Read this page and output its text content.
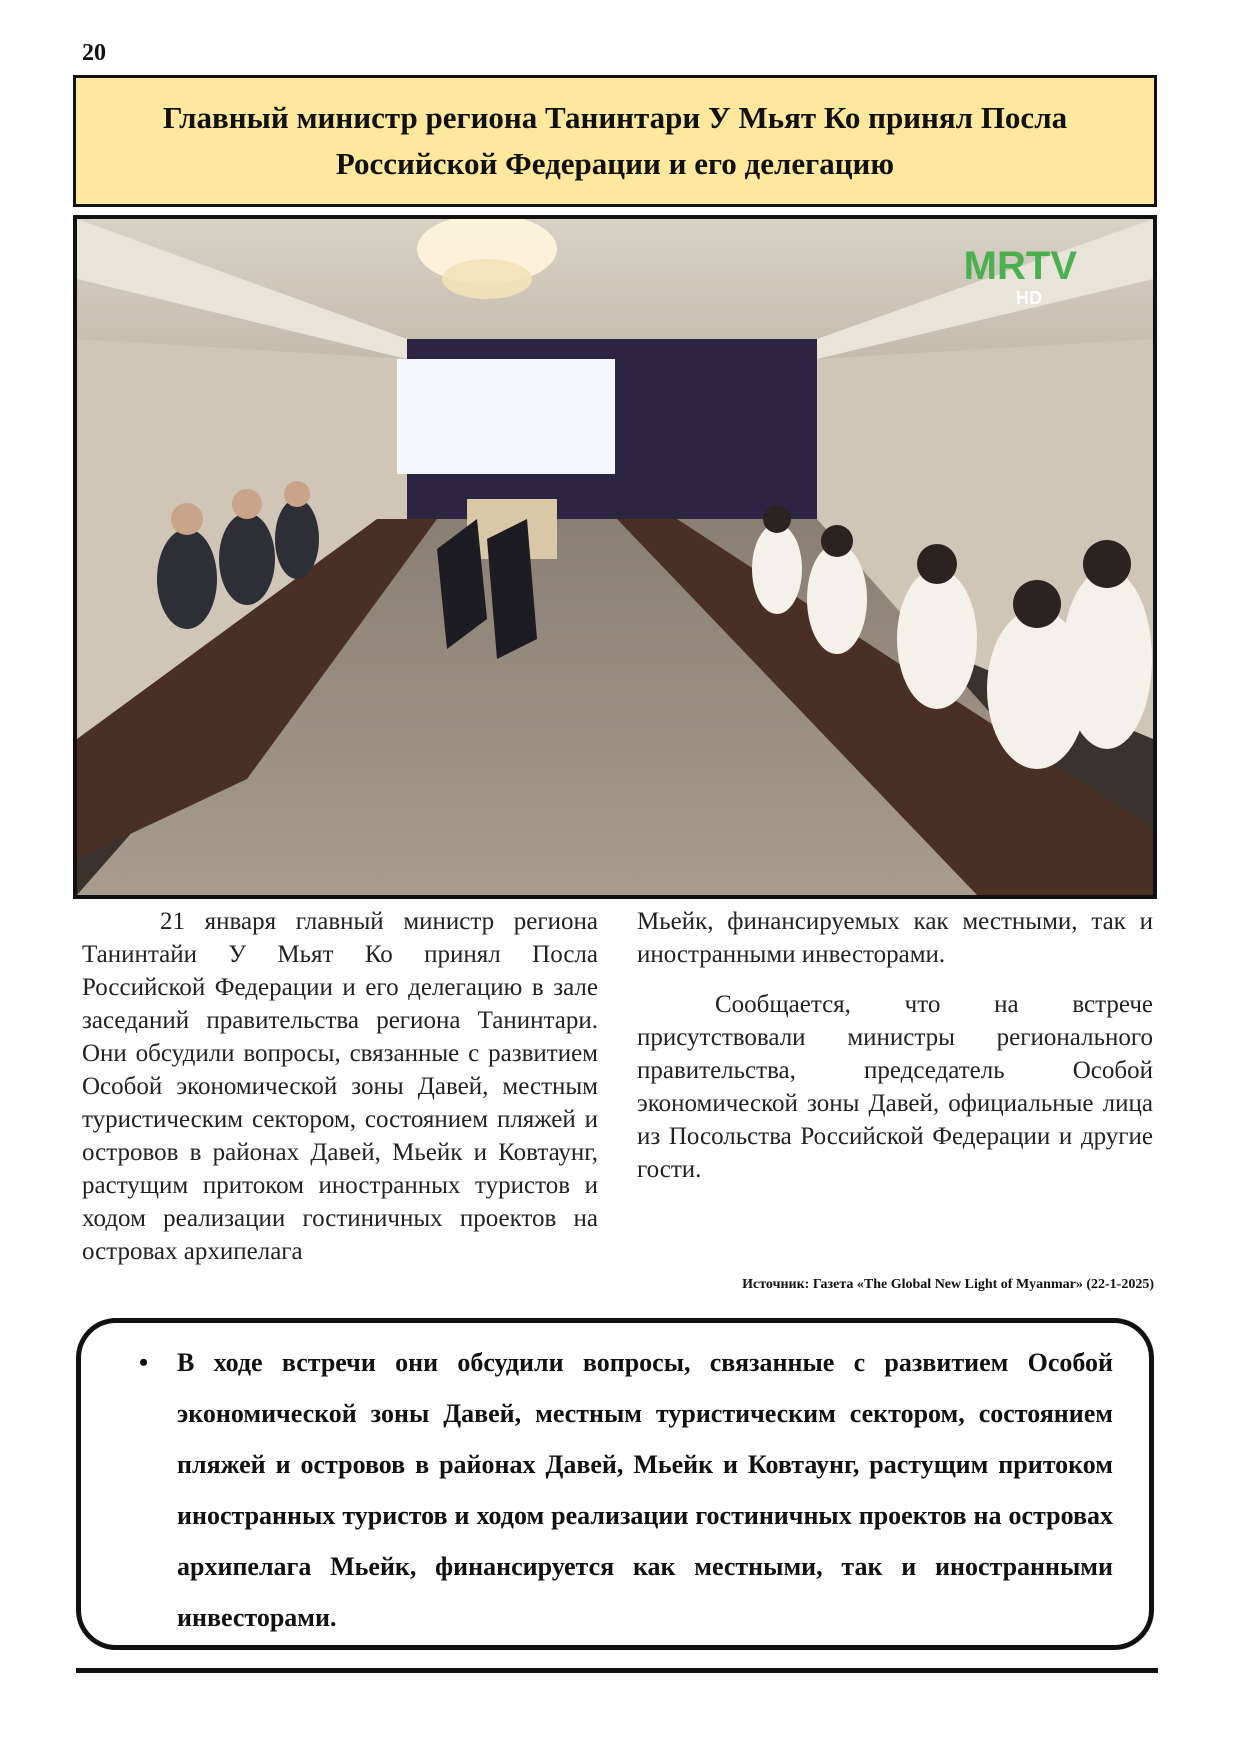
20
Главный министр региона Танинтари У Мьят Ко принял Посла Российской Федерации и его делегацию
MRTV
HD

21 января главный министр региона Танинтайи У Мьят Ко принял Посла Российской Федерации и его делегацию в зале заседаний правительства региона Танинтари. Они обсудили вопросы, связанные с развитием Особой экономической зоны Давей, местным туристическим сектором, состоянием пляжей и островов в районах Давей, Мьейк и Ковтаунг, растущим притоком иностранных туристов и ходом реализации гостиничных проектов на островах архипелага

Мьейк, финансируемых как местными, так и иностранными инвесторами.

Сообщается, что на встрече присутствовали министры регионального правительства, председатель Особой экономической зоны Давей, официальные лица из Посольства Российской Федерации и другие гости.

Источник: Газета «The Global New Light of Myanmar» (22-1-2025)
• В ходе встречи они обсудили вопросы, связанные с развитием Особой экономической зоны Давей, местным туристическим сектором, состоянием пляжей и островов в районах Давей, Мьейк и Ковтаунг, растущим притоком иностранных туристов и ходом реализации гостиничных проектов на островах архипелага Мьейк, финансируется как местными, так и иностранными инвесторами.
